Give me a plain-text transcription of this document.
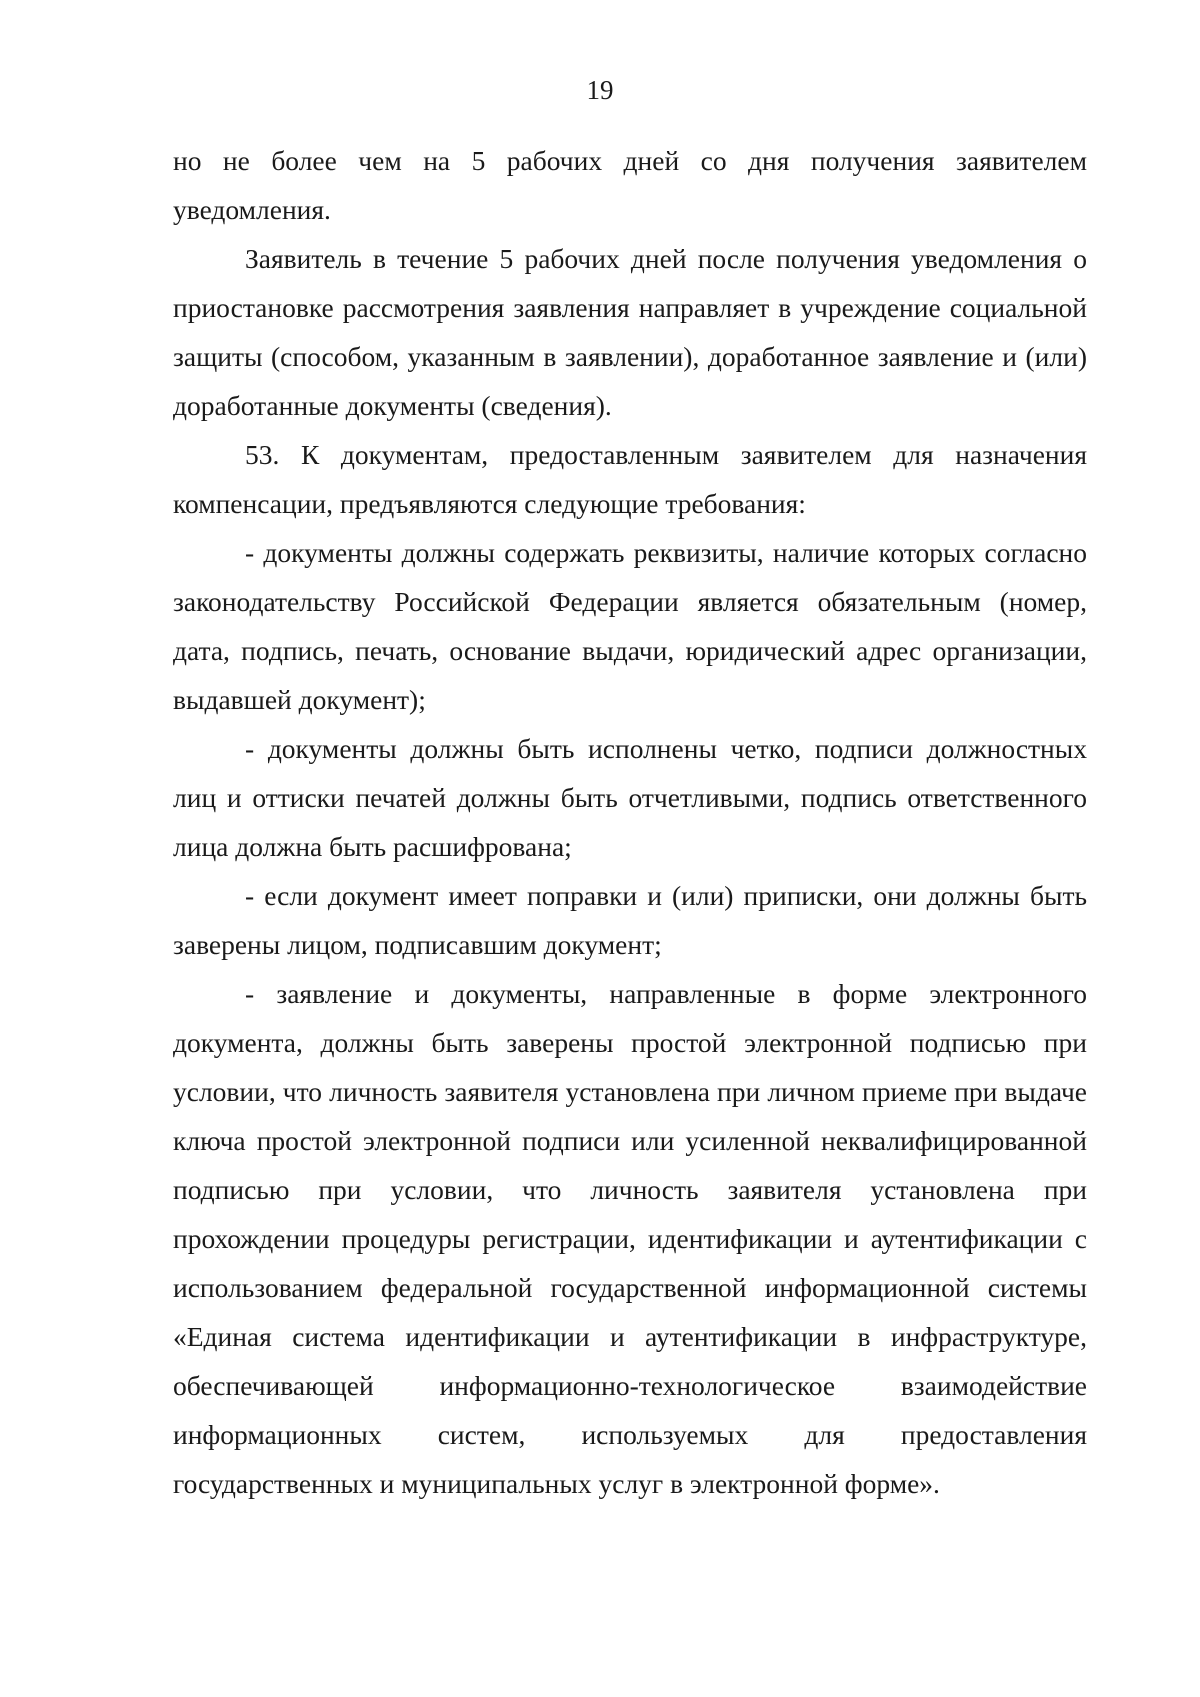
19

но не более чем на 5 рабочих дней со дня получения заявителем уведомления.

Заявитель в течение 5 рабочих дней после получения уведомления о приостановке рассмотрения заявления направляет в учреждение социальной защиты (способом, указанным в заявлении), доработанное заявление и (или) доработанные документы (сведения).

53. К документам, предоставленным заявителем для назначения компенсации, предъявляются следующие требования:

- документы должны содержать реквизиты, наличие которых согласно законодательству Российской Федерации является обязательным (номер, дата, подпись, печать, основание выдачи, юридический адрес организации, выдавшей документ);

- документы должны быть исполнены четко, подписи должностных лиц и оттиски печатей должны быть отчетливыми, подпись ответственного лица должна быть расшифрована;

- если документ имеет поправки и (или) приписки, они должны быть заверены лицом, подписавшим документ;

- заявление и документы, направленные в форме электронного документа, должны быть заверены простой электронной подписью при условии, что личность заявителя установлена при личном приеме при выдаче ключа простой электронной подписи или усиленной неквалифицированной подписью при условии, что личность заявителя установлена при прохождении процедуры регистрации, идентификации и аутентификации с использованием федеральной государственной информационной системы «Единая система идентификации и аутентификации в инфраструктуре, обеспечивающей информационно-технологическое взаимодействие информационных систем, используемых для предоставления государственных и муниципальных услуг в электронной форме».
